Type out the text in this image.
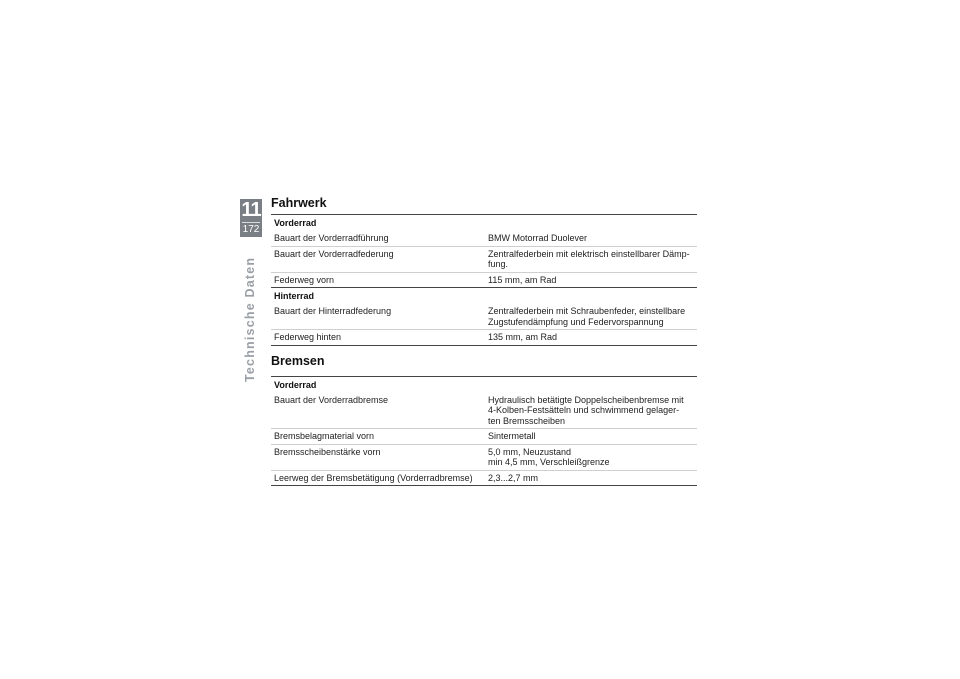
11
172
Technische Daten
Fahrwerk
Vorderrad
Bauart der Vorderradführung	BMW Motorrad Duolever
Bauart der Vorderradfederung	Zentralfederbein mit elektrisch einstellbarer Dämp-
fung.
Federweg vorn	115 mm, am Rad
Hinterrad
Bauart der Hinterradfederung	Zentralfederbein mit Schraubenfeder, einstellbare
Zugstufendämpfung und Federvorspannung
Federweg hinten	135 mm, am Rad
Bremsen
Vorderrad
Bauart der Vorderradbremse	Hydraulisch betätigte Doppelscheibenbremse mit
4-Kolben-Festsätteln und schwimmend gelager-
ten Bremsscheiben
Bremsbelagmaterial vorn	Sintermetall
Bremsscheibenstärke vorn	5,0 mm, Neuzustand
min 4,5 mm, Verschleißgrenze
Leerweg der Bremsbetätigung (Vorderradbremse)	2,3...2,7 mm
